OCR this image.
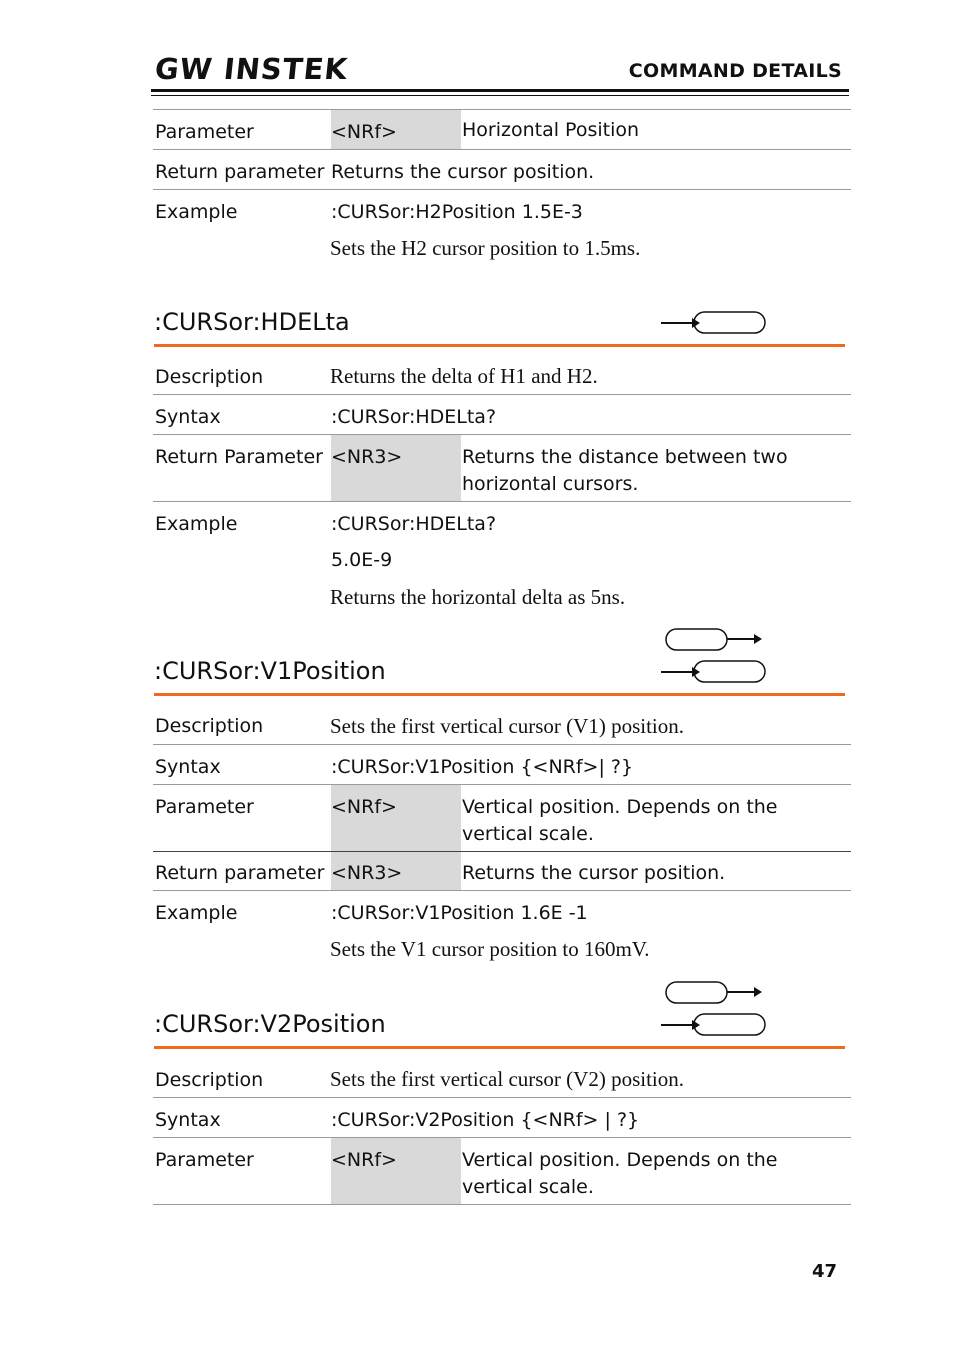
GW INSTEK	COMMAND DETAILS
Parameter	<NRf>	Horizontal Position
Return parameter Returns the cursor position.
Example	:CURSor:H2Position 1.5E-3
Sets the H2 cursor position to 1.5ms.
:CURSor:HDELta
Description	Returns the delta of H1 and H2.
Syntax	:CURSor:HDELta?
Return Parameter <NR3>	Returns the distance between two
horizontal cursors.
Example	:CURSor:HDELta?
5.0E-9
Returns the horizontal delta as 5ns.
:CURSor:V1Position
Description	Sets the first vertical cursor (V1) position.
Syntax	:CURSor:V1Position {<NRf>| ?}
Parameter	<NRf>	Vertical position. Depends on the
vertical scale.
Return parameter <NR3>	Returns the cursor position.
Example	:CURSor:V1Position 1.6E -1
Sets the V1 cursor position to 160mV.
:CURSor:V2Position
Description	Sets the first vertical cursor (V2) position.
Syntax	:CURSor:V2Position {<NRf> | ?}
Parameter	<NRf>	Vertical position. Depends on the
vertical scale.
47
